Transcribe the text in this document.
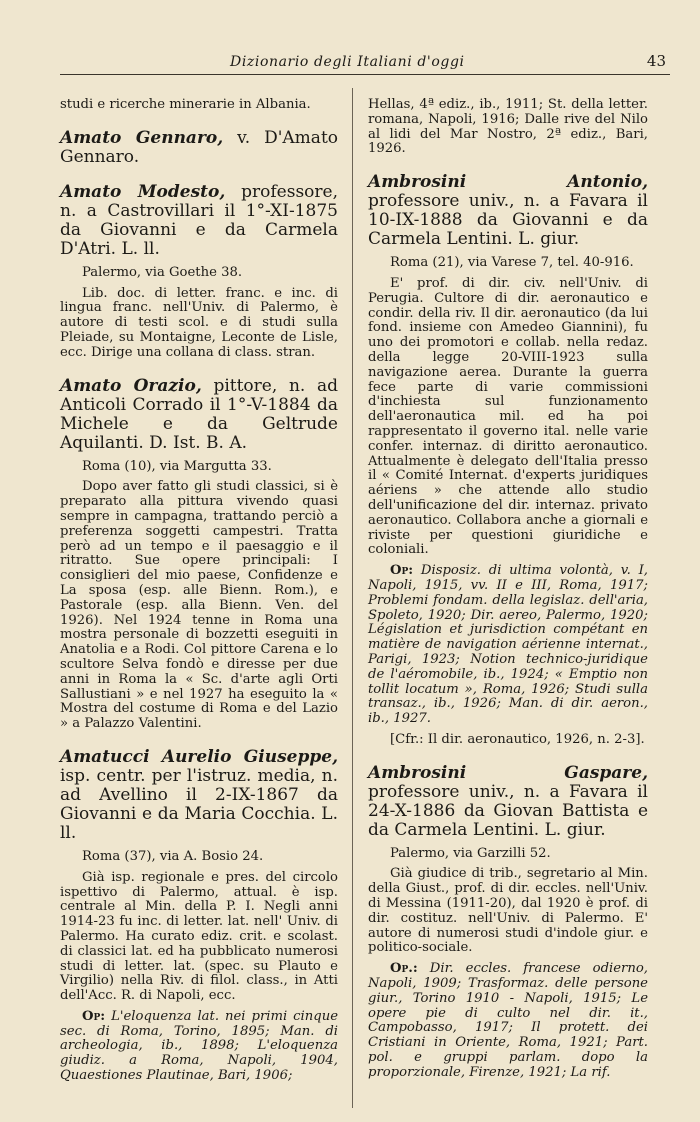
Dizionario degli Italiani d'oggi	43

studi e ricerche minerarie in Albania.

Amato Gennaro, v. D'Amato Gennaro.

Amato Modesto, professore, n. a Castrovillari il 1°-XI-1875 da Giovanni e da Carmela D'Atri. L. ll.

Palermo, via Goethe 38.

Lib. doc. di letter. franc. e inc. di lingua franc. nell'Univ. di Palermo, è autore di testi scol. e di studi sulla Pleiade, su Montaigne, Leconte de Lisle, ecc. Dirige una collana di class. stran.

Amato Orazio, pittore, n. ad Anticoli Corrado il 1°-V-1884 da Michele e da Geltrude Aquilanti. D. Ist. B. A.

Roma (10), via Margutta 33.

Dopo aver fatto gli studi classici, si è preparato alla pittura vivendo quasi sempre in campagna, trattando perciò a preferenza soggetti campestri. Tratta però ad un tempo e il paesaggio e il ritratto. Sue opere principali: I consiglieri del mio paese, Confidenze e La sposa (esp. alle Bienn. Rom.), e Pastorale (esp. alla Bienn. Ven. del 1926). Nel 1924 tenne in Roma una mostra personale di bozzetti eseguiti in Anatolia e a Rodi. Col pittore Carena e lo scultore Selva fondò e diresse per due anni in Roma la « Sc. d'arte agli Orti Sallustiani » e nel 1927 ha eseguito la « Mostra del costume di Roma e del Lazio » a Palazzo Valentini.

Amatucci Aurelio Giuseppe, isp. centr. per l'istruz. media, n. ad Avellino il 2-IX-1867 da Giovanni e da Maria Cocchia. L. ll.

Roma (37), via A. Bosio 24.

Già isp. regionale e pres. del circolo ispettivo di Palermo, attual. è isp. centrale al Min. della P. I. Negli anni 1914-23 fu inc. di letter. lat. nell' Univ. di Palermo. Ha curato ediz. crit. e scolast. di classici lat. ed ha pubblicato numerosi studi di letter. lat. (spec. su Plauto e Virgilio) nella Riv. di filol. class., in Atti dell'Acc. R. di Napoli, ecc.

Op: L'eloquenza lat. nei primi cinque sec. di Roma, Torino, 1895; Man. di archeologia, ib., 1898; L'eloquenza giudiz. a Roma, Napoli, 1904, Quaestiones Plautinae, Bari, 1906;

Hellas, 4ª ediz., ib., 1911; St. della letter. romana, Napoli, 1916; Dalle rive del Nilo al lidi del Mar Nostro, 2ª ediz., Bari, 1926.

Ambrosini Antonio, professore univ., n. a Favara il 10-IX-1888 da Giovanni e da Carmela Lentini. L. giur.

Roma (21), via Varese 7, tel. 40-916.

E' prof. di dir. civ. nell'Univ. di Perugia. Cultore di dir. aeronautico e condir. della riv. Il dir. aeronautico (da lui fond. insieme con Amedeo Giannini), fu uno dei promotori e collab. nella redaz. della legge 20-VIII-1923 sulla navigazione aerea. Durante la guerra fece parte di varie commissioni d'inchiesta sul funzionamento dell'aeronautica mil. ed ha poi rappresentato il governo ital. nelle varie confer. internaz. di diritto aeronautico. Attualmente è delegato dell'Italia presso il « Comité Internat. d'experts juridiques aériens » che attende allo studio dell'unificazione del dir. internaz. privato aeronautico. Collabora anche a giornali e riviste per questioni giuridiche e coloniali.

Op: Disposiz. di ultima volontà, v. I, Napoli, 1915, vv. II e III, Roma, 1917; Problemi fondam. della legislaz. dell'aria, Spoleto, 1920; Dir. aereo, Palermo, 1920; Législation et jurisdiction compétant en matière de navigation aérienne internat., Parigi, 1923; Notion technico-juridique de l'aéromobile, ib., 1924; « Emptio non tollit locatum », Roma, 1926; Studi sulla transaz., ib., 1926; Man. di dir. aeron., ib., 1927.

[Cfr.: Il dir. aeronautico, 1926, n. 2-3].

Ambrosini Gaspare, professore univ., n. a Favara il 24-X-1886 da Giovan Battista e da Carmela Lentini. L. giur.

Palermo, via Garzilli 52.

Già giudice di trib., segretario al Min. della Giust., prof. di dir. eccles. nell'Univ. di Messina (1911-20), dal 1920 è prof. di dir. costituz. nell'Univ. di Palermo. E' autore di numerosi studi d'indole giur. e politico-sociale.

Op.: Dir. eccles. francese odierno, Napoli, 1909; Trasformaz. delle persone giur., Torino 1910 - Napoli, 1915; Le opere pie di culto nel dir. it., Campobasso, 1917; Il protett. dei Cristiani in Oriente, Roma, 1921; Part. pol. e gruppi parlam. dopo la proporzionale, Firenze, 1921; La rif.
